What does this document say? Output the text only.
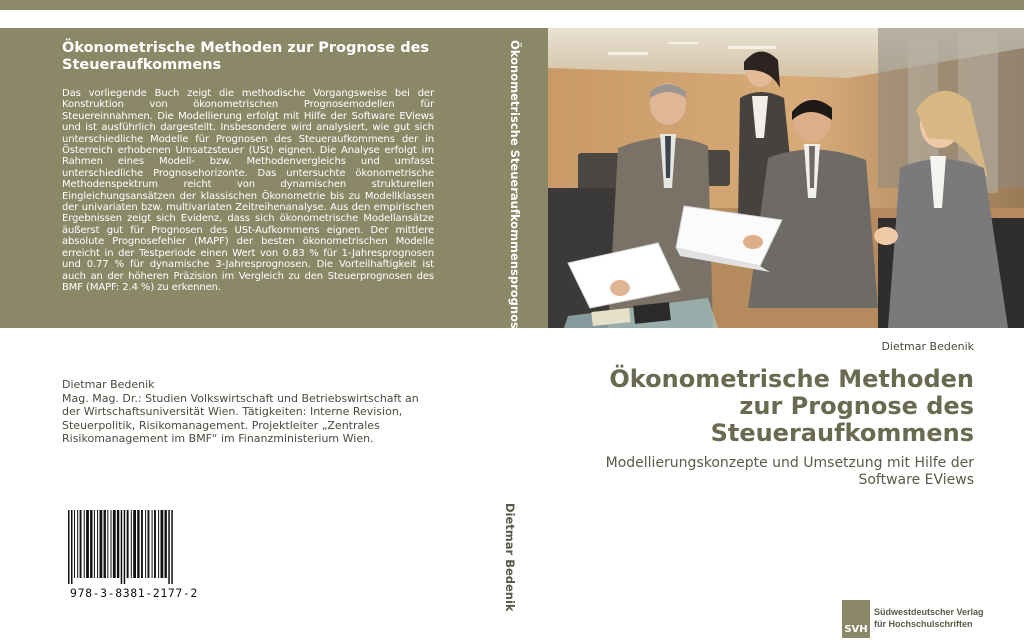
Ökonometrische Methoden zur Prognose des Steueraufkommens
Das vorliegende Buch zeigt die methodische Vorgangsweise bei der Konstruktion von ökonometrischen Prognosemodellen für Steuereinnahmen. Die Modellierung erfolgt mit Hilfe der Software EViews und ist ausführlich dargestellt. Insbesondere wird analysiert, wie gut sich unterschiedliche Modelle für Prognosen des Steueraufkommens der in Österreich erhobenen Umsatzsteuer (USt) eignen. Die Analyse erfolgt im Rahmen eines Modell- bzw. Methodenvergleichs und umfasst unterschiedliche Prognosehorizonte. Das untersuchte ökonometrische Methodenspektrum reicht von dynamischen strukturellen Eingleichungsansätzen der klassischen Ökonometrie bis zu Modellklassen der univariaten bzw. multivariaten Zeitreihenanalyse. Aus den empirischen Ergebnissen zeigt sich Evidenz, dass sich ökonometrische Modellansätze äußerst gut für Prognosen des USt-Aufkommens eignen. Der mittlere absolute Prognosefehler (MAPF) der besten ökonometrischen Modelle erreicht in der Testperiode einen Wert von 0.83 % für 1-Jahresprognosen und 0.77 % für dynamische 3-Jahresprognosen. Die Vorteilhaftigkeit ist auch an der höheren Präzision im Vergleich zu den Steuerprognosen des BMF (MAPF: 2.4 %) zu erkennen.	Ökonometrische Steueraufkommensprognosen
Dietmar Bedenik
Dietmar Bedenik
Mag. Mag. Dr.: Studien Volkswirtschaft und Betriebswirtschaft an der Wirtschaftsuniversität Wien. Tätigkeiten: Interne Revision, Steuerpolitik, Risikomanagement. Projektleiter „Zentrales Risikomanagement im BMF“ im Finanzministerium Wien.
978-3-8381-2177-2
Dietmar Bedenik
Ökonometrische Methoden zur Prognose des Steueraufkommens
Modellierungskonzepte und Umsetzung mit Hilfe der Software EViews
SVH
Südwestdeutscher Verlag
für Hochschulschriften
